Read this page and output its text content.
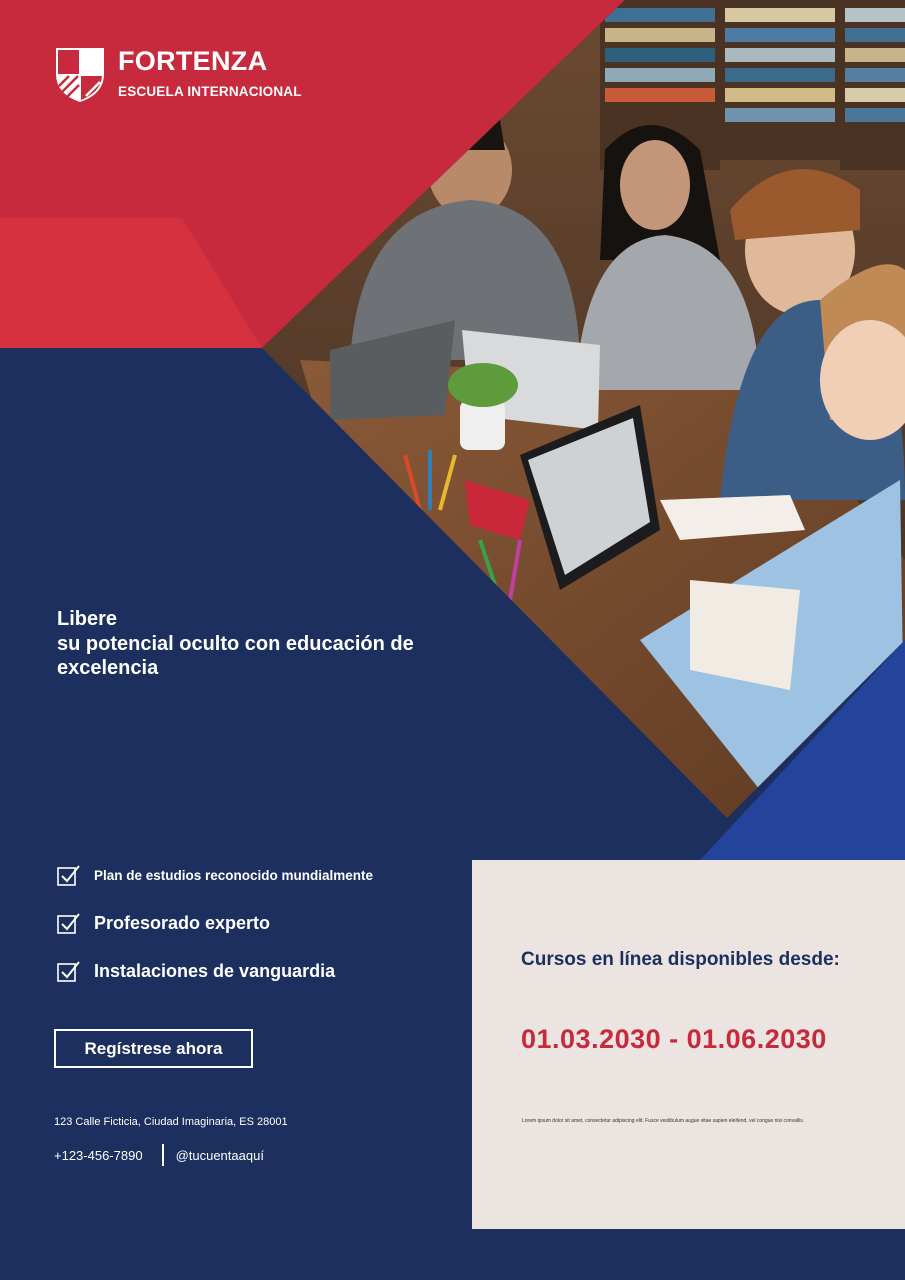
FORTENZA
ESCUELA INTERNACIONAL
Libere
su potencial oculto con educación de
excelencia
Plan de estudios reconocido mundialmente
Profesorado experto
Instalaciones de vanguardia
Regístrese ahora
123 Calle Ficticia, Ciudad Imaginaria, ES 28001
+123-456-7890	@tucuentaaquí
Cursos en línea disponibles desde:
01.03.2030 - 01.06.2030
Lorem ipsum dolor sit amet, consectetur adipiscing elit. Fusce vestibulum augue vitae sapien eleifend, vel congue nisi convallis.
